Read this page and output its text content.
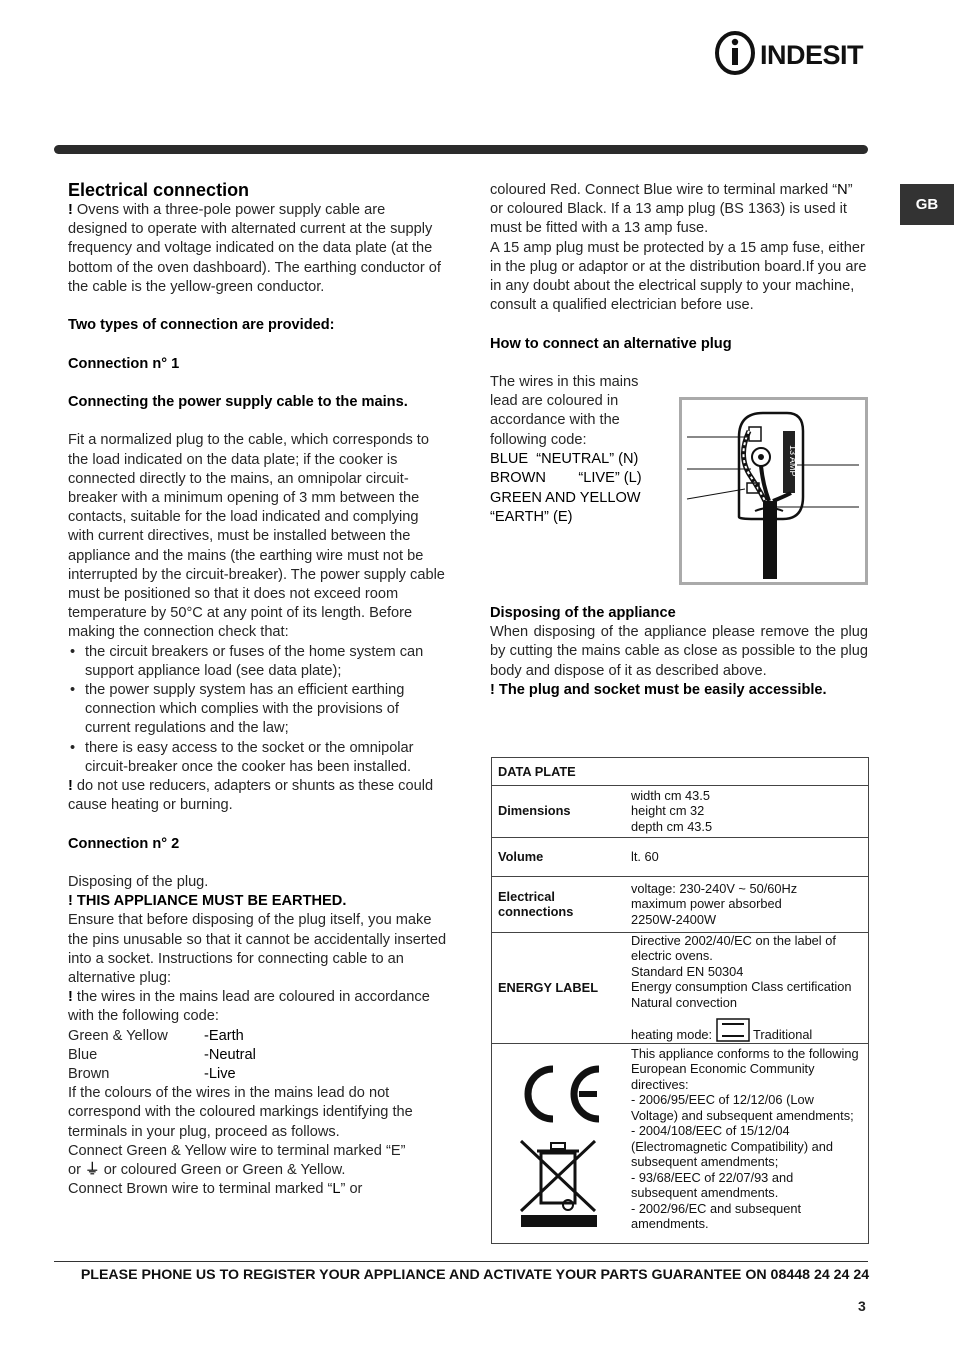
INDESIT
GB

Electrical connection

! Ovens with a three-pole power supply cable are designed to operate with alternated current at the supply frequency and voltage indicated on the data plate (at the bottom of the oven dashboard). The earthing conductor of the cable is the yellow-green conductor.

Two types of connection are provided:

Connection n° 1

Connecting the power supply cable to the mains.

Fit a normalized plug to the cable, which corresponds to the load indicated on the data plate; if the cooker is connected directly to the mains, an omnipolar circuit-breaker with a minimum opening of 3 mm between the contacts, suitable for the load indicated and complying with current directives, must be installed between the appliance and the mains (the earthing wire must not be interrupted by the circuit-breaker). The power supply cable must be positioned so that it does not exceed room temperature by 50°C at any point of its length. Before making the connection check that:

• the circuit breakers or fuses of the home system can support appliance load (see data plate);
• the power supply system has an efficient earthing connection which complies with the provisions of current regulations and the law;
• there is easy access to the socket or the omnipolar circuit-breaker once the cooker has been installed.

! do not use reducers, adapters or shunts as these could cause heating or burning.

Connection n° 2

Disposing of the plug.

! THIS APPLIANCE MUST BE EARTHED.

Ensure that before disposing of the plug itself, you make the pins unusable so that it cannot be accidentally inserted into a socket. Instructions for connecting cable to an alternative plug:

! the wires in the mains lead are coloured in accordance with the following code:

Green & Yellow	-Earth
Blue	-Neutral
Brown	-Live

If the colours of the wires in the mains lead do not correspond with the coloured markings identifying the terminals in your plug, proceed as follows.

Connect Green & Yellow wire to terminal marked “E”
or ⏚ or coloured Green or Green & Yellow.

Connect Brown wire to terminal marked “L” or

coloured Red. Connect Blue wire to terminal marked “N” or coloured Black. If a 13 amp plug (BS 1363) is used it must be fitted with a 13 amp fuse.

A 15 amp plug must be protected by a 15 amp fuse, either in the plug or adaptor or at the distribution board.If you are in any doubt about the electrical supply to your machine, consult a qualified electrician before use.

How to connect an alternative plug

The wires in this mains lead are coloured in accordance with the following code:

BLUE  “NEUTRAL” (N)
BROWN        “LIVE” (L)
GREEN AND YELLOW
“EARTH” (E)
13 AMP

Disposing of the appliance

When disposing of the appliance please remove the plug by cutting the mains cable as close as possible to the plug body and dispose of it as described above.

! The plug and socket must be easily accessible.

DATA PLATE	
Dimensions	width cm 43.5
height cm 32
depth cm 43.5

Volume	lt. 60
Electrical connections	voltage: 230-240V ~ 50/60Hz
maximum power absorbed
2250W-2400W

ENERGY LABEL	Directive 2002/40/EC on the label of electric ovens.
Standard EN 50304
Energy consumption Class certification Natural convection
heating mode: Traditional

This appliance conforms to the following European Economic Community directives:
- 2006/95/EEC of 12/12/06 (Low Voltage) and subsequent amendments;
- 2004/108/EEC of 15/12/04 (Electromagnetic Compatibility) and subsequent amendments;
- 93/68/EEC of 22/07/93 and subsequent amendments.
- 2002/96/EC and subsequent amendments.
PLEASE PHONE US TO REGISTER YOUR APPLIANCE AND ACTIVATE YOUR PARTS GUARANTEE ON 08448 24 24 24
3
